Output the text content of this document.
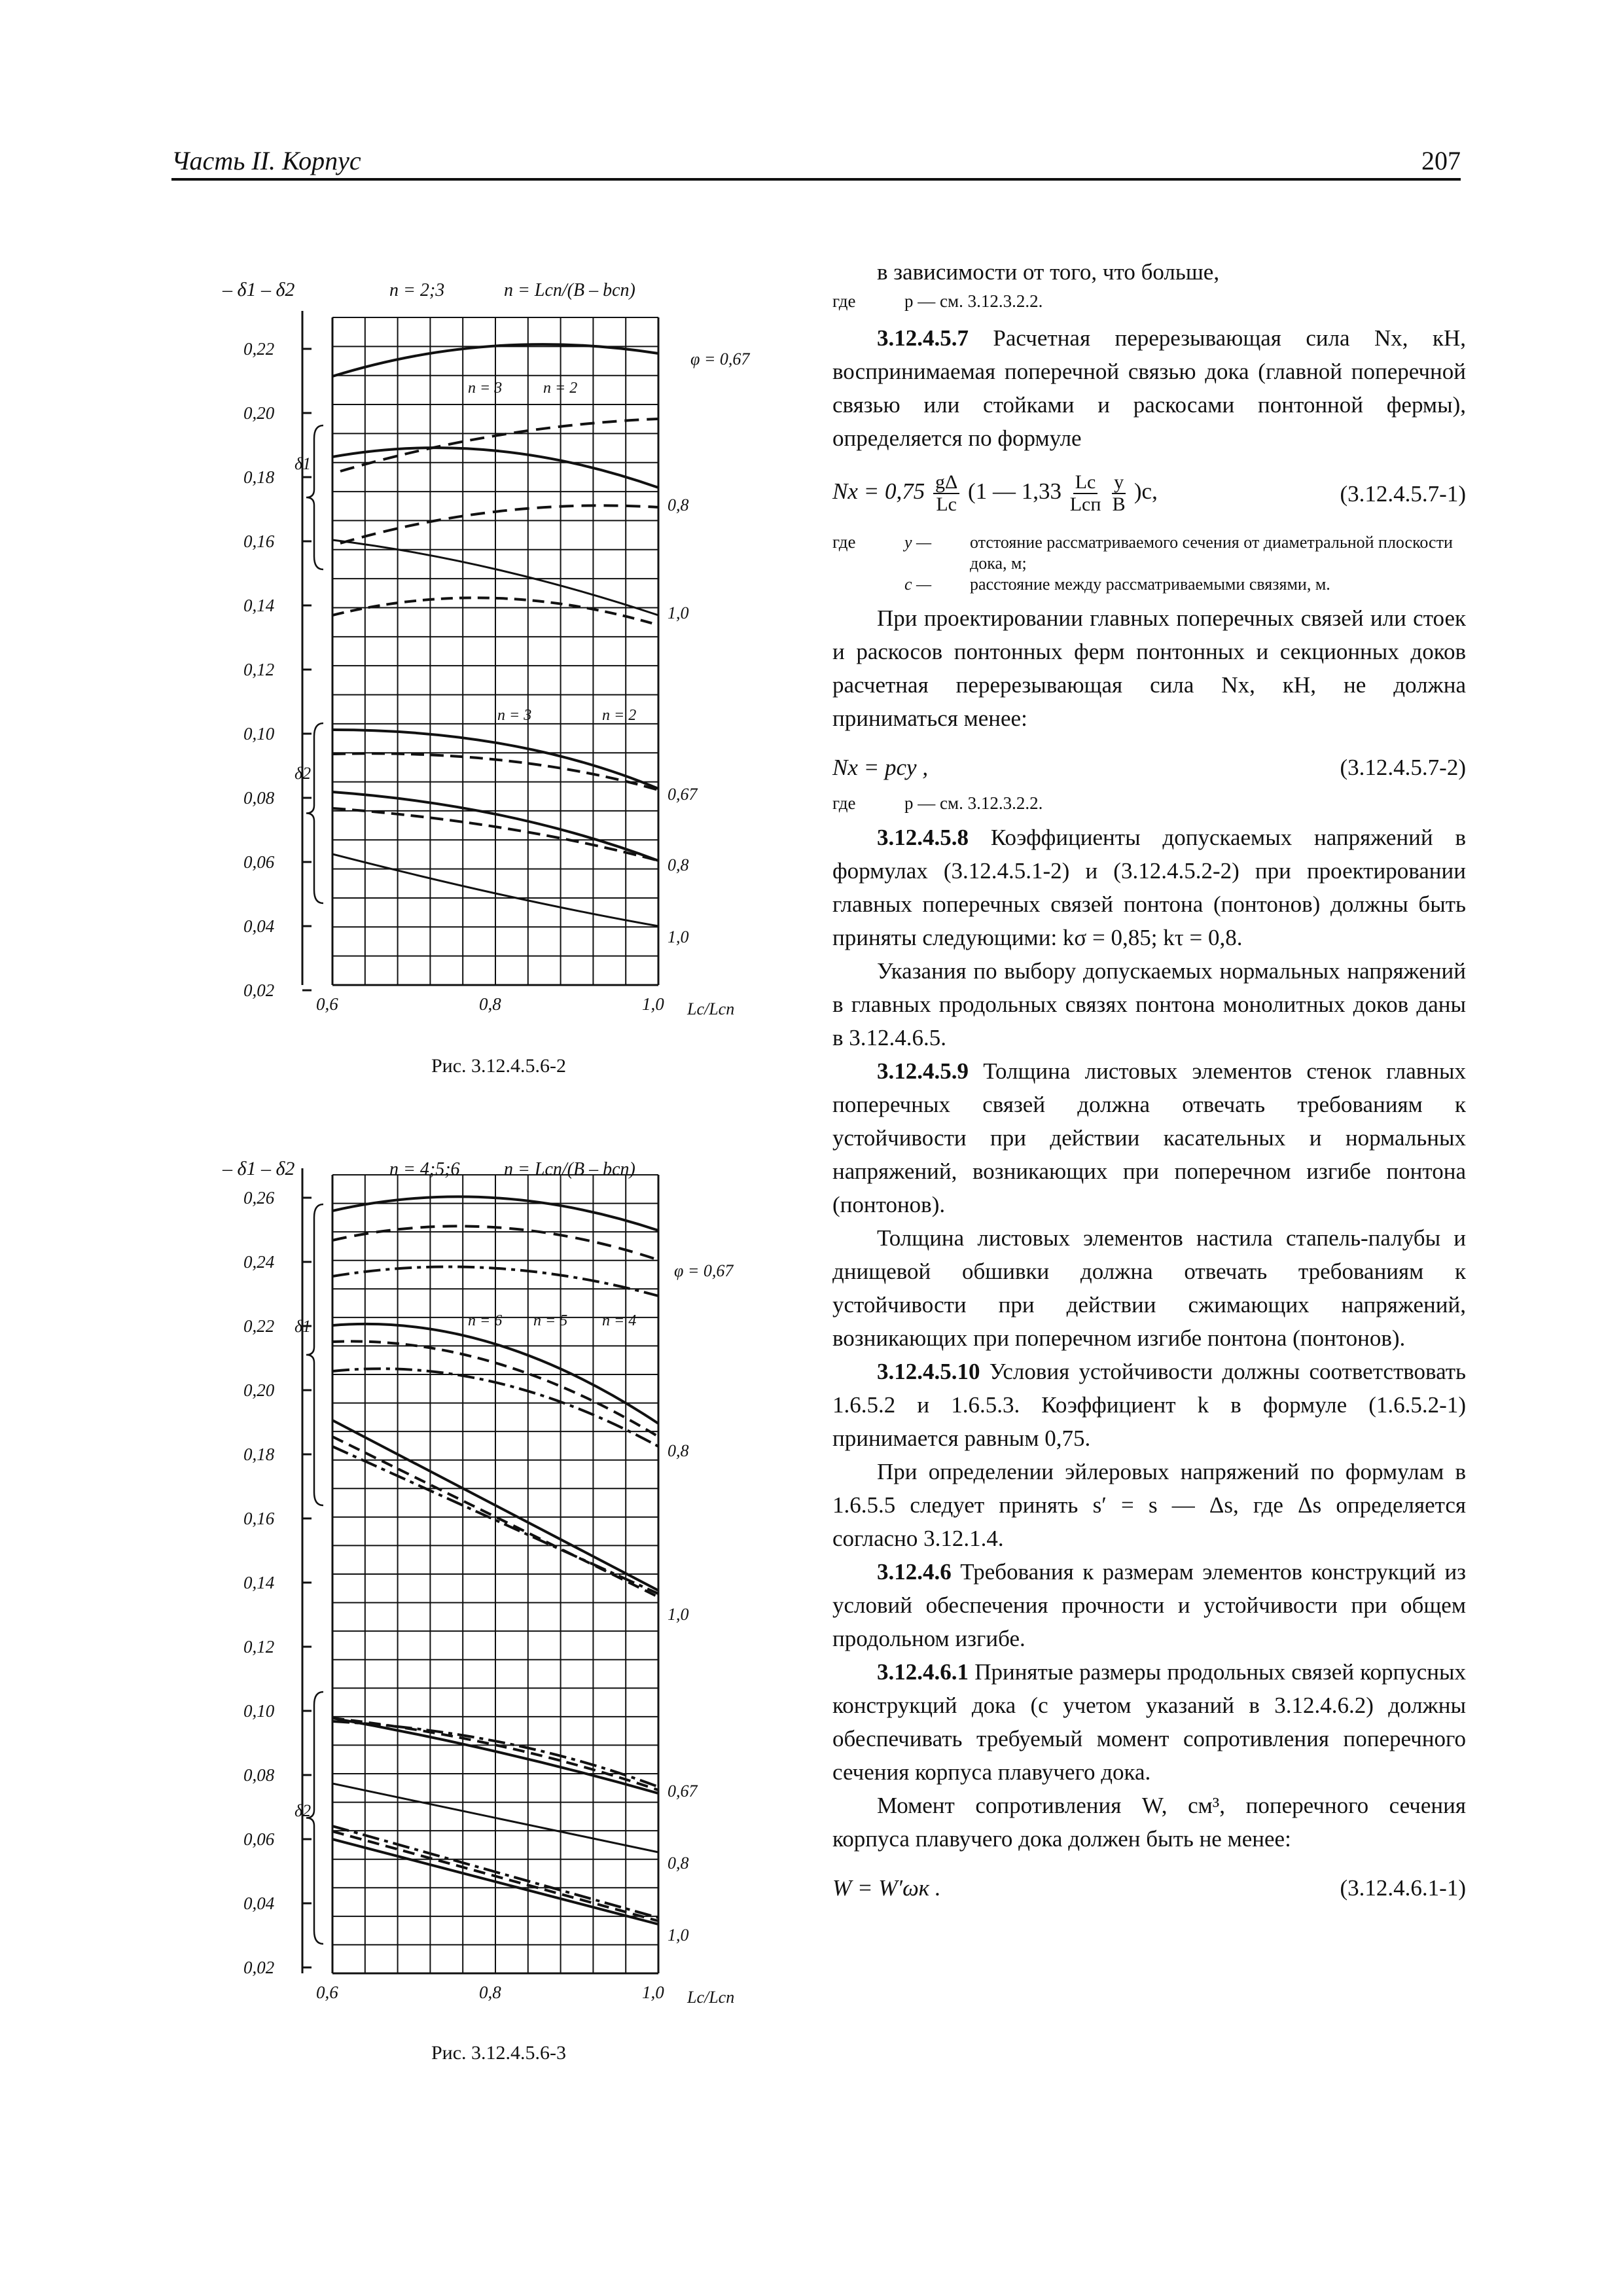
Часть II. Корпус	207
– δ1 – δ2	n = 2;3	n = Lсп/(B – bсп)
0,22
0,20
0,18
0,16
0,14
0,12
0,10
0,08
0,06
0,04
0,02
0,6	0,8	1,0
φ = 0,67
0,8
1,0
0,67
0,8
1,0
δ1
δ2
n = 3	n = 2
n = 3	n = 2
Lс/Lсп
Рис. 3.12.4.5.6-2
– δ1 – δ2	n = 4;5;6 n = Lсп/(B – bсп)
0,26
0,24
0,22
0,20
0,18
0,16
0,14
0,12
0,10
0,08
0,06
0,04
0,02
0,6	0,8	1,0
φ = 0,67
0,8
1,0
0,67
0,8
1,0
δ1
δ2
n = 6 n = 5 n = 4
Lс/Lсп
Рис. 3.12.4.5.6-3

в зависимости от того, что больше,

где	p — см. 3.12.3.2.2.

3.12.4.5.7 Расчетная перерезывающая сила Nx, кН, воспринимаемая поперечной связью дока (главной поперечной связью или стойками и раскосами понтонной фермы), определяется по формуле

$Nx = 0,75 \frac{g\Delta}{Lс} (1$ — $1,33 \frac{Lс}{\text{Lсп}}$
$\frac{y}{B} )c$,	(3.12.4.5.7-1)
где	y —	отстояние рассматриваемого сечения от диаметральной плоскости дока, м;
c —	расстояние между рассматриваемыми связями, м.

При проектировании главных поперечных связей или стоек и раскосов понтонных ферм понтонных и секционных доков расчетная перерезывающая сила Nx, кН, не должна приниматься менее:

Nx = pcy ,	(3.12.4.5.7-2)
где	p — см. 3.12.3.2.2.

3.12.4.5.8 Коэффициенты допускаемых напряжений в формулах (3.12.4.5.1-2) и (3.12.4.5.2-2) при проектировании главных поперечных связей понтона (понтонов) должны быть приняты следующими: kσ = 0,85; kτ = 0,8.

Указания по выбору допускаемых нормальных напряжений в главных продольных связях понтона монолитных доков даны в 3.12.4.6.5.

3.12.4.5.9 Толщина листовых элементов стенок главных поперечных связей должна отвечать требованиям к устойчивости при действии касательных и нормальных напряжений, возникающих при поперечном изгибе понтона (понтонов).

Толщина листовых элементов настила стапель-палубы и днищевой обшивки должна отвечать требованиям к устойчивости при действии сжимающих напряжений, возникающих при поперечном изгибе понтона (понтонов).

3.12.4.5.10 Условия устойчивости должны соответствовать 1.6.5.2 и 1.6.5.3. Коэффициент k в формуле (1.6.5.2-1) принимается равным 0,75.

При определении эйлеровых напряжений по формулам в 1.6.5.5 следует принять s′ = s — Δs, где Δs определяется согласно 3.12.1.4.

3.12.4.6 Требования к размерам элементов конструкций из условий обеспечения прочности и устойчивости при общем продольном изгибе.

3.12.4.6.1 Принятые размеры продольных связей корпусных конструкций дока (с учетом указаний в 3.12.4.6.2) должны обеспечивать требуемый момент сопротивления поперечного сечения корпуса плавучего дока.

Момент сопротивления W, см³, поперечного сечения корпуса плавучего дока должен быть не менее:

W = W′ωк .	(3.12.4.6.1-1)
